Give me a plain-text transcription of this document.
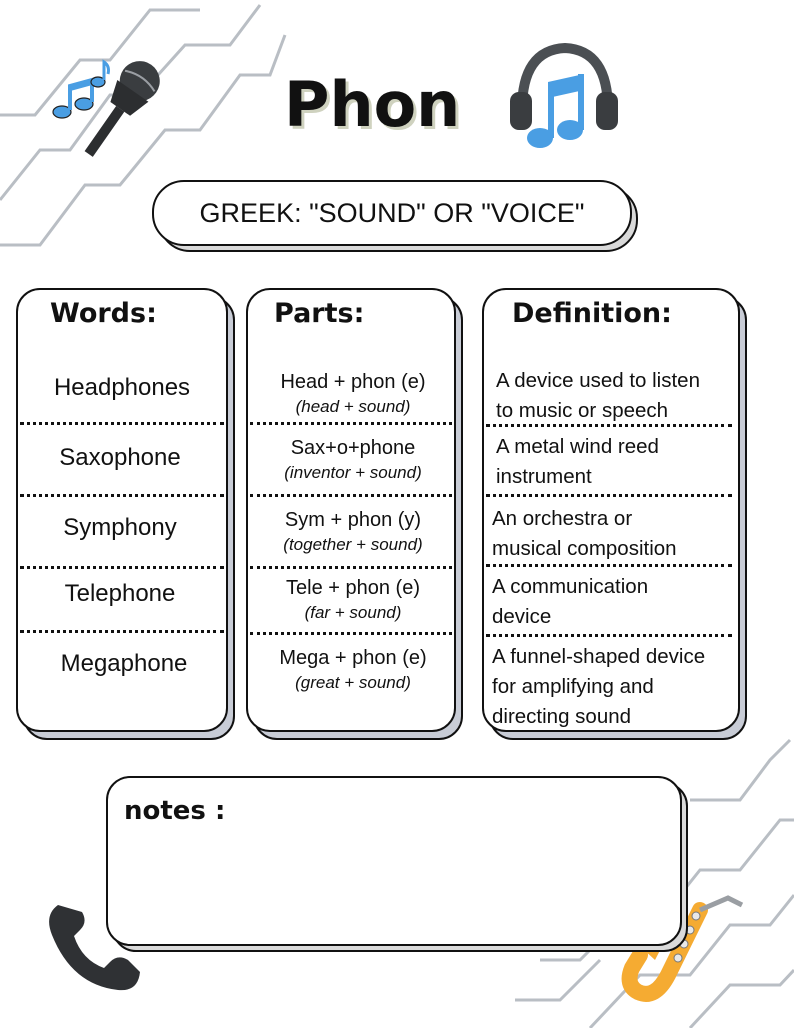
Phon
GREEK: "SOUND" OR "VOICE"
Words:
Headphones
Saxophone
Symphony
Telephone
Megaphone
Parts:
Head + phon (e)
(head + sound)
Sax+o+phone
(inventor + sound)
Sym + phon (y)
(together + sound)
Tele + phon (e)
(far + sound)
Mega + phon (e)
(great + sound)
Definition:
A device used to listen
to music or speech
A metal wind reed
instrument
An orchestra or
musical composition
A communication
device
A funnel-shaped device
for amplifying and
directing sound
notes :
